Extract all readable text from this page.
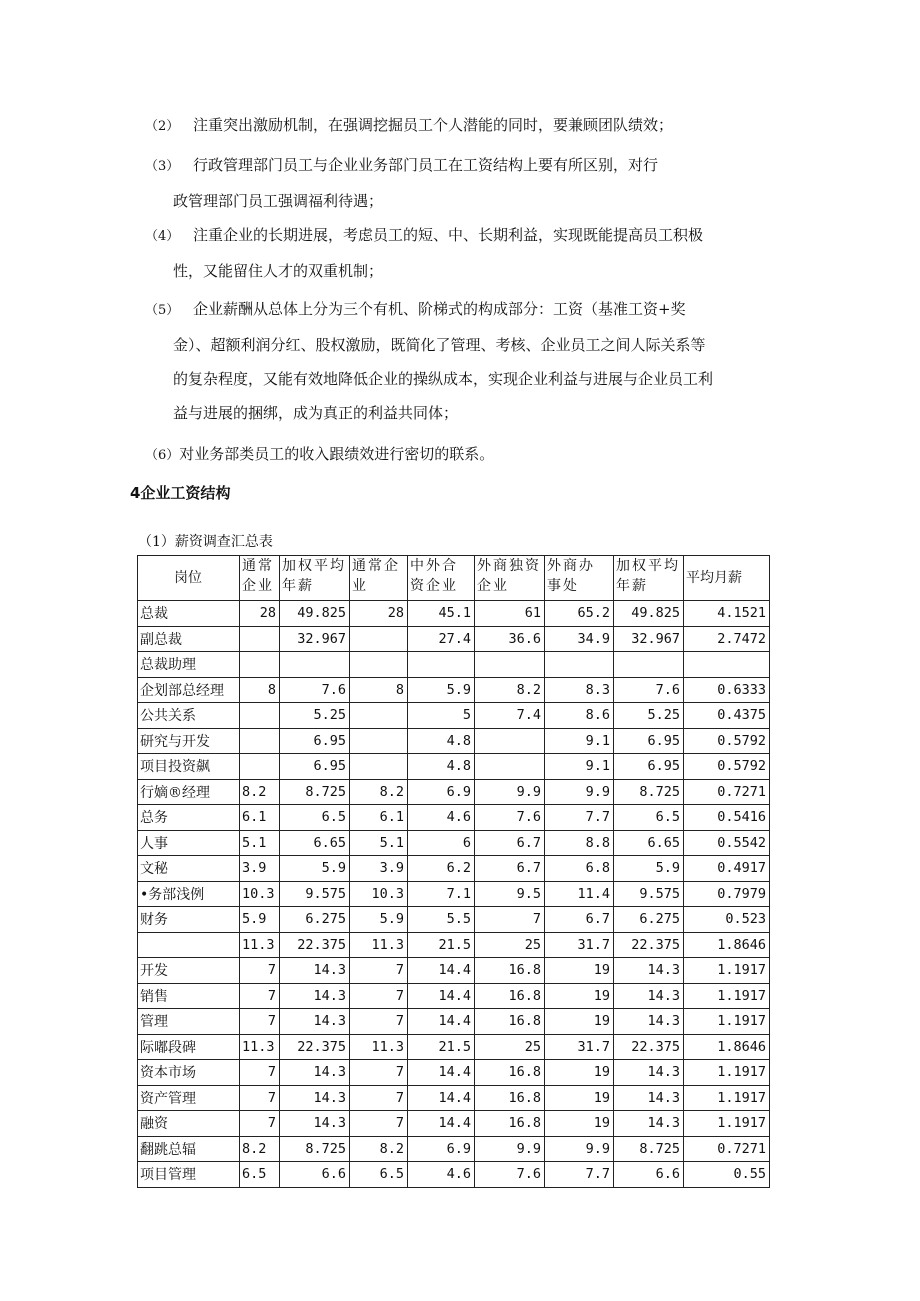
（2） 注重突出激励机制，在强调挖掘员工个人潜能的同时，要兼顾团队绩效；
（3） 行政管理部门员工与企业业务部门员工在工资结构上要有所区别，对行
政管理部门员工强调福利待遇；
（4） 注重企业的长期进展，考虑员工的短、中、长期利益，实现既能提高员工积极
性，又能留住人才的双重机制；
（5） 企业薪酬从总体上分为三个有机、阶梯式的构成部分：工资（基准工资+奖
金）、超额利润分红、股权激励，既简化了管理、考核、企业员工之间人际关系等
的复杂程度，又能有效地降低企业的操纵成本，实现企业利益与进展与企业员工利
益与进展的捆绑，成为真正的利益共同体；
（6）对业务部类员工的收入跟绩效进行密切的联系。
4企业工资结构
（1）薪资调查汇总表
岗位	通常企业	加权平均年薪	通常企业	中外合资企业	外商独资企业	外商办事处	加权平均年薪	平均月薪
总裁	28	49.825	28	45.1	61	65.2	49.825	4.1521
副总裁		32.967		27.4	36.6	34.9	32.967	2.7472
总裁助理								
企划部总经理	8	7.6	8	5.9	8.2	8.3	7.6	0.6333
公共关系		5.25		5	7.4	8.6	5.25	0.4375
研究与开发		6.95		4.8		9.1	6.95	0.5792
项目投资飙		6.95		4.8		9.1	6.95	0.5792
行嫡®经理	8.2	8.725	8.2	6.9	9.9	9.9	8.725	0.7271
总务	6.1	6.5	6.1	4.6	7.6	7.7	6.5	0.5416
人事	5.1	6.65	5.1	6	6.7	8.8	6.65	0.5542
文秘	3.9	5.9	3.9	6.2	6.7	6.8	5.9	0.4917
•务部浅例	10.3	9.575	10.3	7.1	9.5	11.4	9.575	0.7979
财务	5.9	6.275	5.9	5.5	7	6.7	6.275	0.523
	11.3	22.375	11.3	21.5	25	31.7	22.375	1.8646
开发	7	14.3	7	14.4	16.8	19	14.3	1.1917
销售	7	14.3	7	14.4	16.8	19	14.3	1.1917
管理	7	14.3	7	14.4	16.8	19	14.3	1.1917
际嘟段碑	11.3	22.375	11.3	21.5	25	31.7	22.375	1.8646
资本市场	7	14.3	7	14.4	16.8	19	14.3	1.1917
资产管理	7	14.3	7	14.4	16.8	19	14.3	1.1917
融资	7	14.3	7	14.4	16.8	19	14.3	1.1917
翻跳总辐	8.2	8.725	8.2	6.9	9.9	9.9	8.725	0.7271
项目管理	6.5	6.6	6.5	4.6	7.6	7.7	6.6	0.55
